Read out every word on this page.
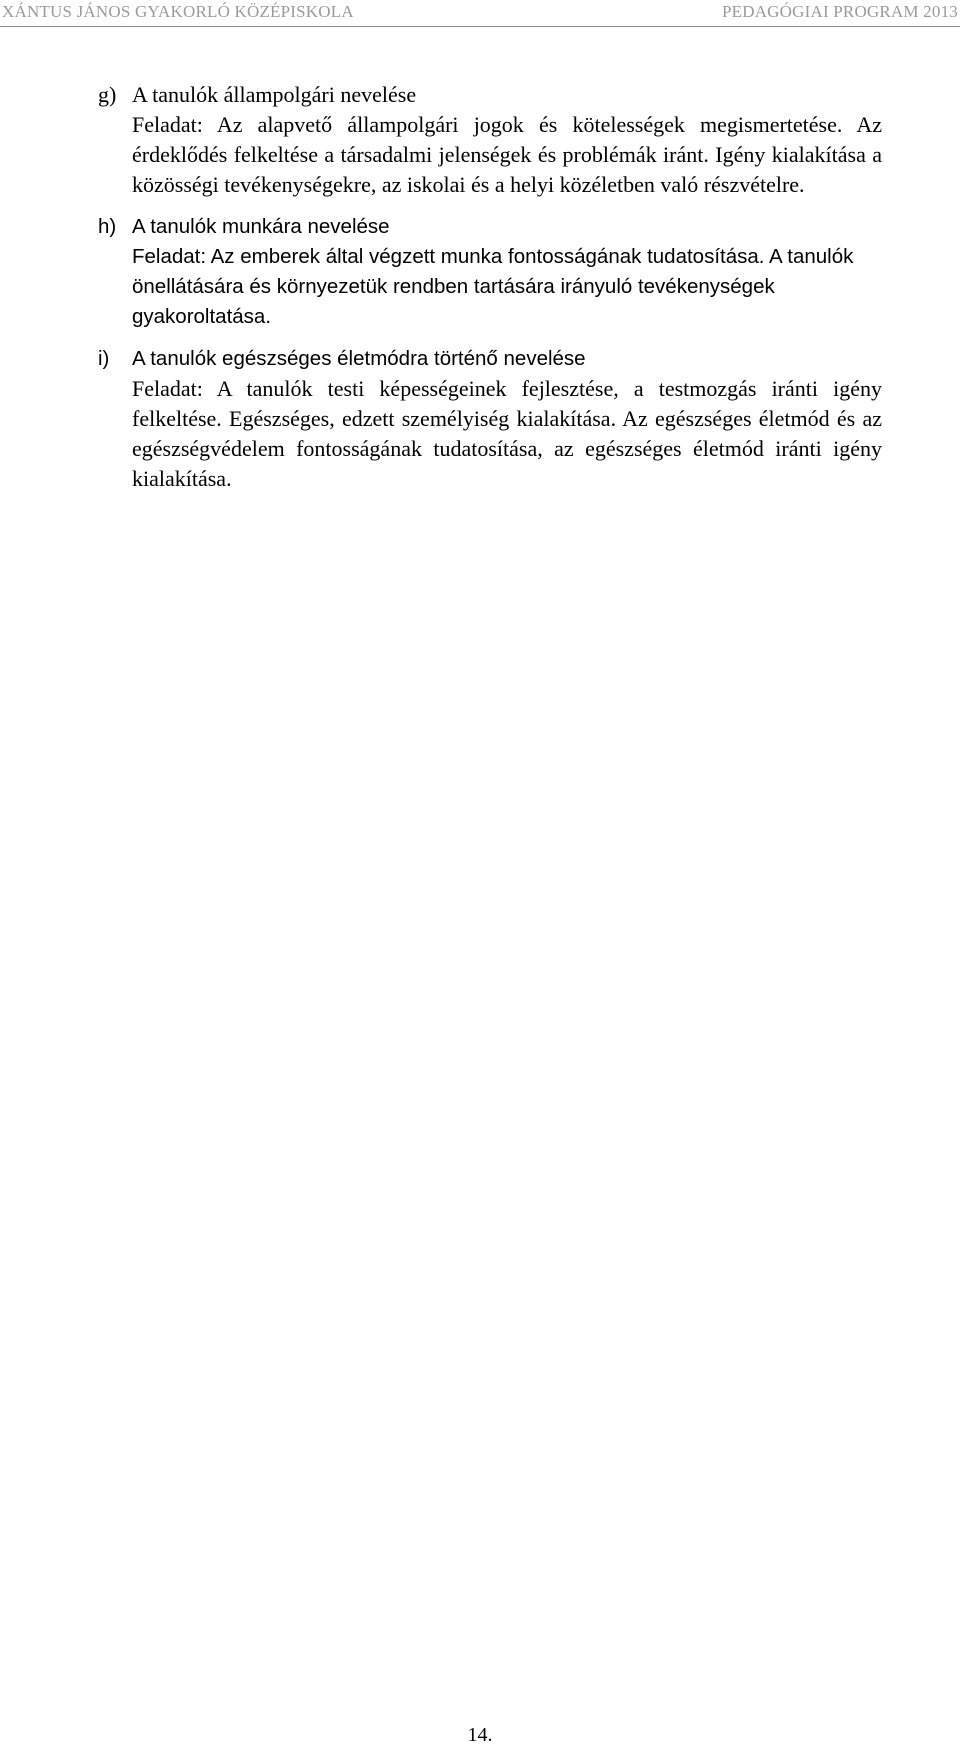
XÁNTUS JÁNOS GYAKORLÓ KÖZÉPISKOLA	PEDAGÓGIAI PROGRAM 2013
g) A tanulók állampolgári nevelése
Feladat: Az alapvető állampolgári jogok és kötelességek megismertetése. Az érdeklődés felkeltése a társadalmi jelenségek és problémák iránt. Igény kialakítása a közösségi tevékenységekre, az iskolai és a helyi közéletben való részvételre.
h) A tanulók munkára nevelése
Feladat: Az emberek által végzett munka fontosságának tudatosítása. A tanulók önellátására és környezetük rendben tartására irányuló tevékenységek gyakoroltatása.
i) A tanulók egészséges életmódra történő nevelése
Feladat: A tanulók testi képességeinek fejlesztése, a testmozgás iránti igény felkeltése. Egészséges, edzett személyiség kialakítása. Az egészséges életmód és az egészségvédelem fontosságának tudatosítása, az egészséges életmód iránti igény kialakítása.
14.
